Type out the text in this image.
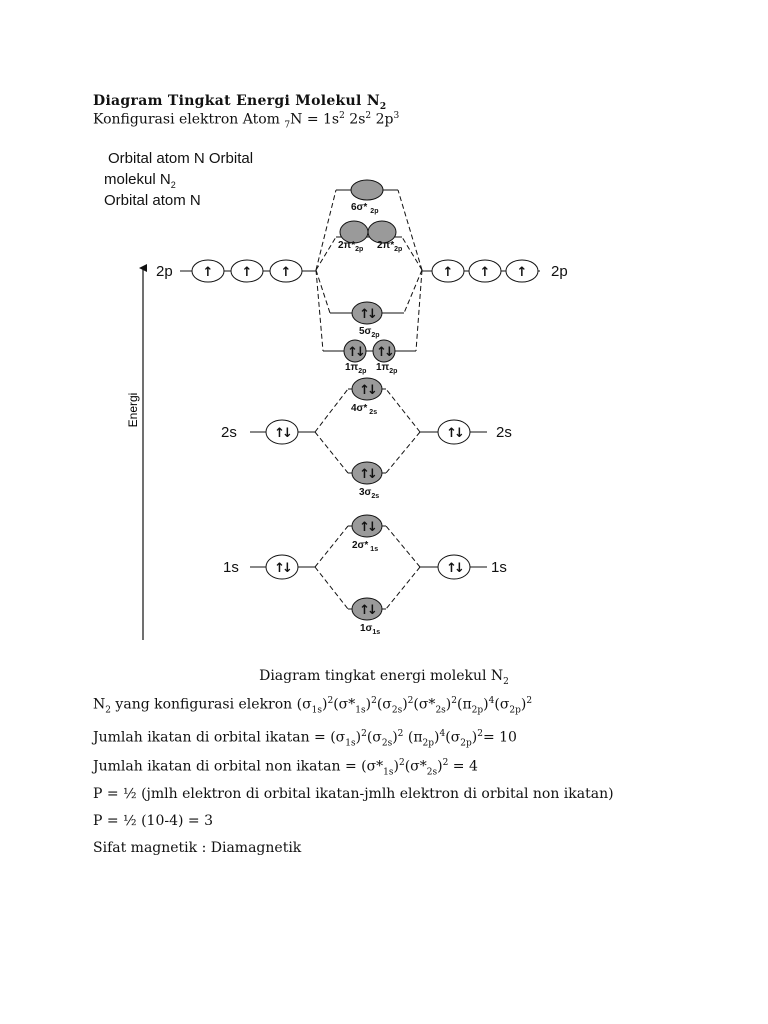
Diagram Tingkat Energi Molekul $N_2$
Konfigurasi elektron Atom $_7N = 1s^2$ $2s^2$ $2p^3$
Orbital atom N Orbital
molekul $N_2$
Orbital atom N
Energi
2p	2p
2s	2s
1s	1s
↑ ↑ ↑	↑ ↑ ↑
↑↓	↑↓
↑↓	↑↓
↑↓
↑↓ ↑↓
↑↓
↑↓
↑↓
↑↓
6σ* $_{2p}$
$2\pi*_{2p}$ $2\pi*_{2p}$
$5\sigma_{2p}$
$1\pi_{2p}$ $1\pi_{2p}$
4σ* $_{2s}$
$3\sigma_{2s}$
2σ* $_{1s}$
$1\sigma_{1s}$
Diagram tingkat energi molekul $N_2$
$N_2$ yang konfigurasi elekron $(\sigma_{1s})^2(\sigma*_{1s})^2(\sigma_{2s})^2(\sigma*_{2s})^2(\pi_{2p})^4(\sigma_{2p})^2$
Jumlah ikatan di orbital $ikatan = (\sigma_{1s})^2(\sigma_{2s})^2$ $(\pi_{2p})^4(\sigma_{2p})^2= 10$
Jumlah ikatan di orbital non $ikatan = (\sigma*_{1s})^2(\sigma*_{2s})^2 = 4$
P = ½ (jmlh elektron di orbital ikatan-jmlh elektron di orbital non ikatan)
P = ½ (10-4) = 3
Sifat magnetik : Diamagnetik
